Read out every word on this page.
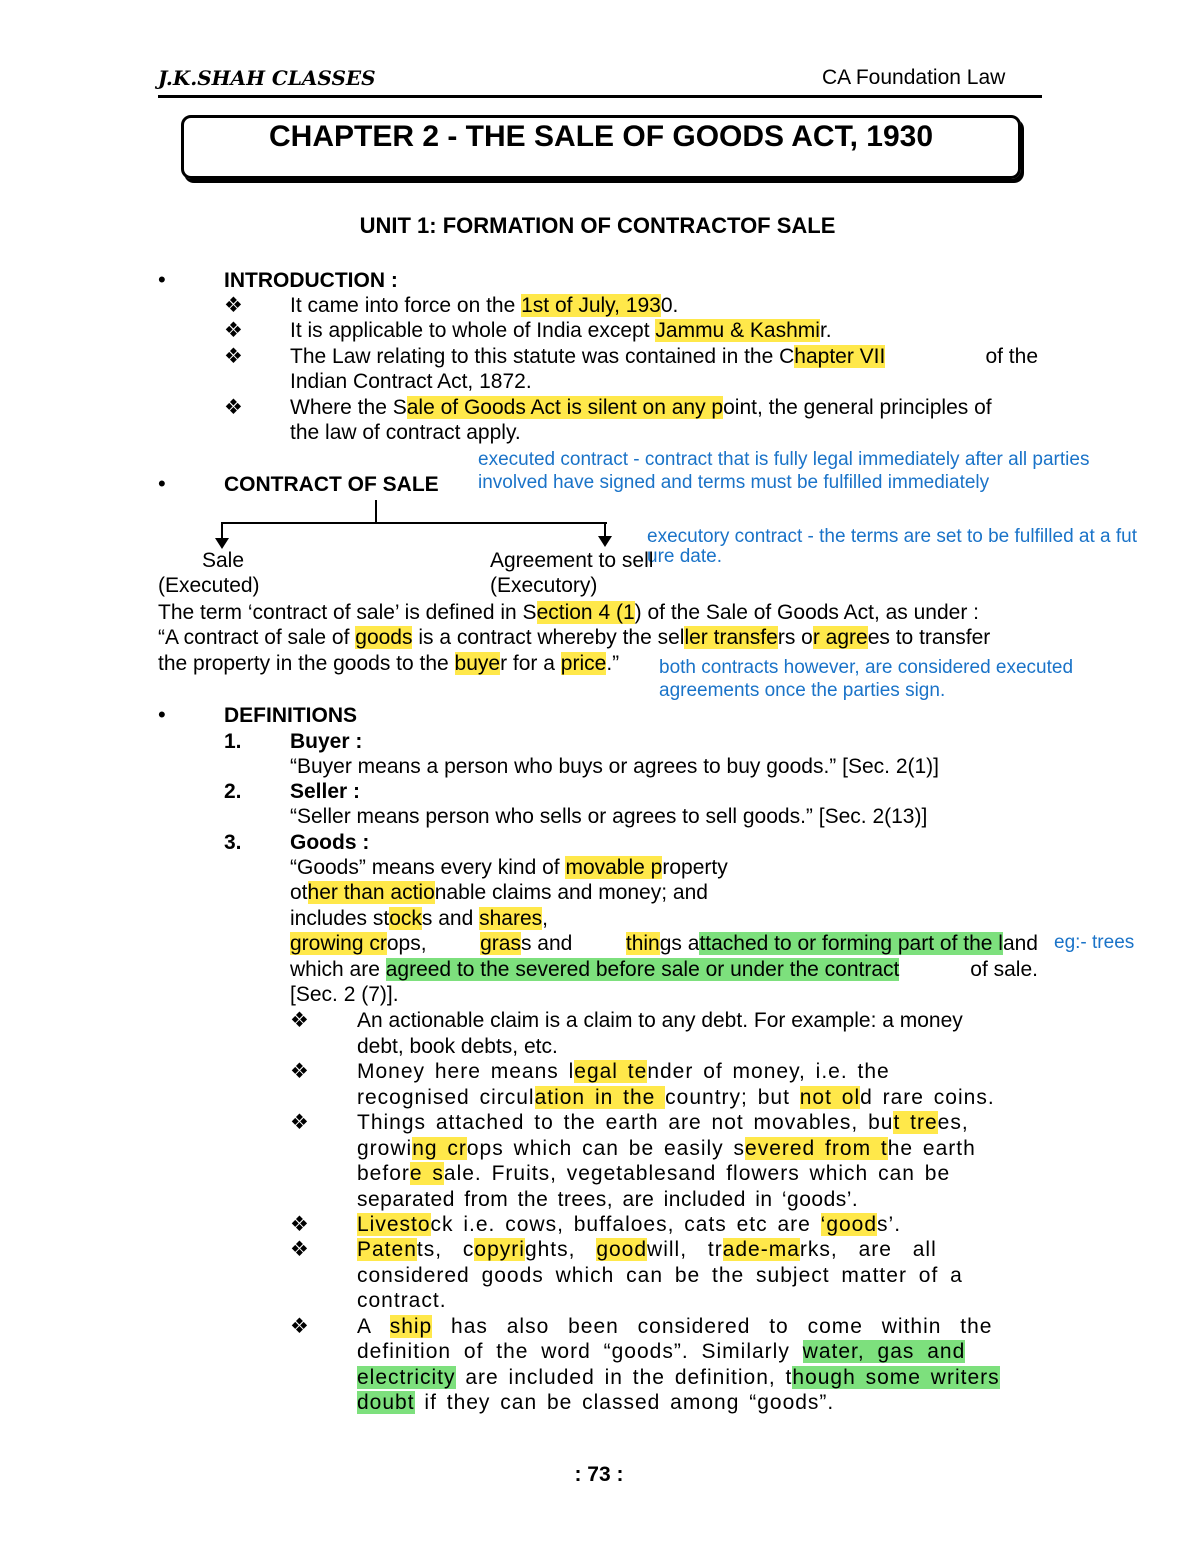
J.K.SHAH CLASSES	CA Foundation Law
CHAPTER 2 - THE SALE OF GOODS ACT, 1930
UNIT 1: FORMATION OF CONTRACTOF SALE
•	INTRODUCTION :
❖ It came into force on the 1st of July, 1930.
❖ It is applicable to whole of India except Jammu & Kashmir.
❖ The Law relating to this statute was contained in the Chapter VII	of the
Indian Contract Act, 1872.
❖ Where the Sale of Goods Act is silent on any point, the general principles of
the law of contract apply.
executed contract - contract that is fully legal immediately after all parties
involved have signed and terms must be fulfilled immediately
•	CONTRACT OF SALE
executory contract - the terms are set to be fulfilled at a fut
ure date.
Sale	Agreement to sell
(Executed)	(Executory)
The term ‘contract of sale’ is defined in Section 4 (1) of the Sale of Goods Act, as under :
“A contract of sale of goods is a contract whereby the seller transfers or agrees to transfer
the property in the goods to the buyer for a price.” both contracts however, are considered executed
agreements once the parties sign.
•	DEFINITIONS
1. Buyer :
“Buyer means a person who buys or agrees to buy goods.” [Sec. 2(1)]
2. Seller :
“Seller means person who sells or agrees to sell goods.” [Sec. 2(13)]
3. Goods :
“Goods” means every kind of movable property
other than actionable claims and money; and
includes stocks and shares,
growing crops,	grass and	things attached to or forming part of the land eg:- trees
which are agreed to the severed before sale or under the contract	of sale.
[Sec. 2 (7)].
❖ An actionable claim is a claim to any debt. For example: a money
debt, book debts, etc.
❖ Money here means legal tender of money, i.e. the
recognised circulation in the country; but not old rare coins.
❖ Things attached to the earth are not movables, but trees,
growing crops which can be easily severed from the earth
before sale. Fruits, vegetablesand flowers which can be
separated from the trees, are included in ‘goods’.
❖ Livestock i.e. cows, buffaloes, cats etc are ‘goods’.
❖ Patents, copyrights, goodwill, trade-marks, are all
considered goods which can be the subject matter of a
contract.
❖ A ship has also been considered to come within the
definition of the word “goods”. Similarly water, gas and
electricity are included in the definition, though some writers
doubt if they can be classed among “goods”.
: 73 :
